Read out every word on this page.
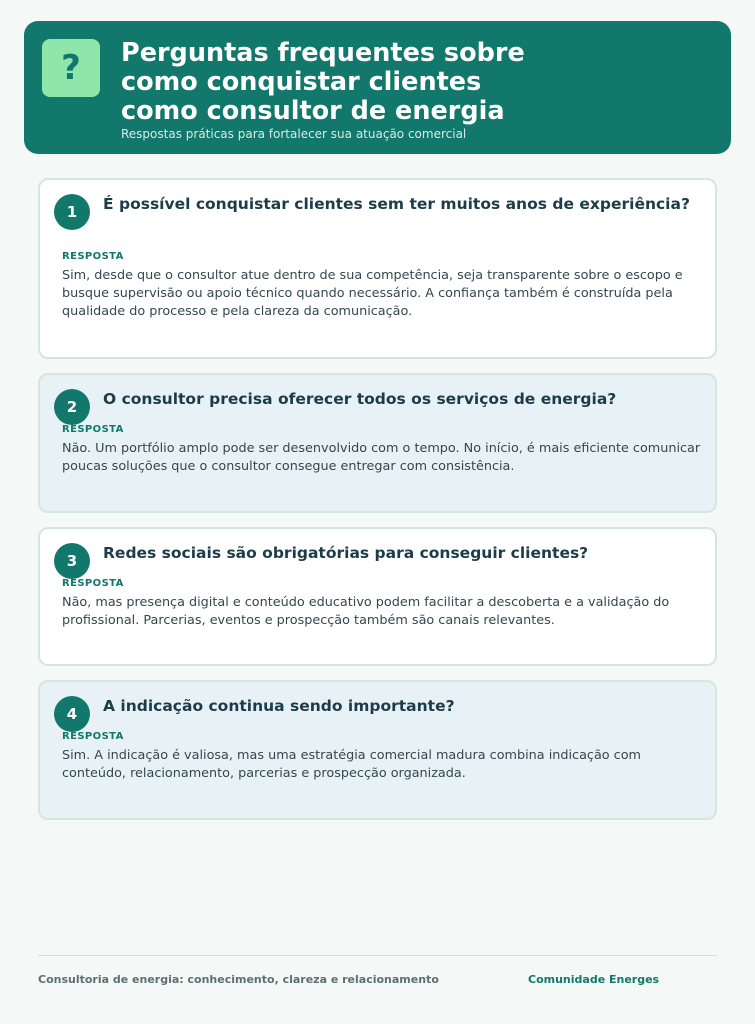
?	Perguntas frequentes sobre
como conquistar clientes
como consultor de energia
Respostas práticas para fortalecer sua atuação comercial
1	É possível conquistar clientes sem ter muitos anos de experiência?
RESPOSTA
Sim, desde que o consultor atue dentro de sua competência, seja transparente sobre o escopo e busque supervisão ou apoio técnico quando necessário. A confiança também é construída pela qualidade do processo e pela clareza da comunicação.
2	O consultor precisa oferecer todos os serviços de energia?
RESPOSTA
Não. Um portfólio amplo pode ser desenvolvido com o tempo. No início, é mais eficiente comunicar poucas soluções que o consultor consegue entregar com consistência.
3	Redes sociais são obrigatórias para conseguir clientes?
RESPOSTA
Não, mas presença digital e conteúdo educativo podem facilitar a descoberta e a validação do profissional. Parcerias, eventos e prospecção também são canais relevantes.
4	A indicação continua sendo importante?
RESPOSTA
Sim. A indicação é valiosa, mas uma estratégia comercial madura combina indicação com conteúdo, relacionamento, parcerias e prospecção organizada.
Consultoria de energia: conhecimento, clareza e relacionamento	Comunidade Energes
